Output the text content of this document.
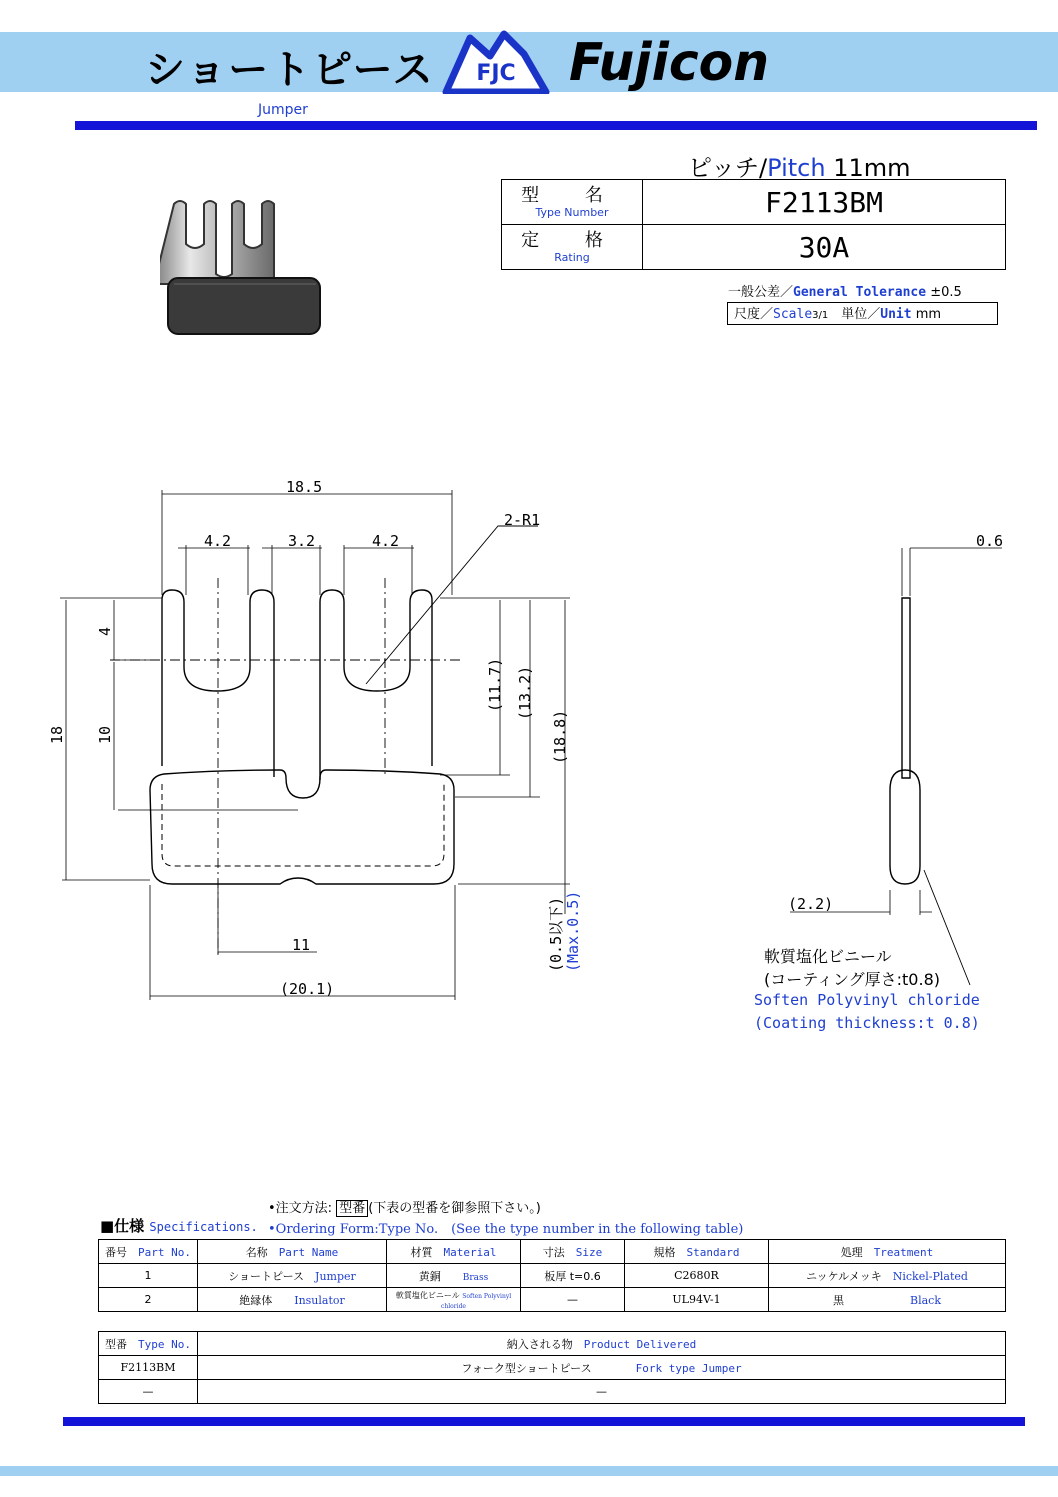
ショートピース FJC Fujicon
Jumper
ピッチ/Pitch 11mm
型 名
Type Number	F2113BM

定 格
Rating	30A
一般公差／General Tolerance ±0.5
尺度／Scale3/1　単位／Unit mm
18.5
4.2	3.2	4.2
2-R1
11
(20.1)
0.6
(2.2)
4
10
18
(11.7) (13.2)
(18.8)
(0.5以下) (Max.0.5)	軟質塩化ビニール
(コーティング厚さ:t0.8)
Soften Polyvinyl chloride
(Coating thickness:t 0.8)
•注文方法: 型番 (下表の型番を御参照下さい。)
•Ordering Form:Type No.　(See the type number in the following table)
■仕様 Specifications.
番号　 Part No.	名称　 Part Name	材質　 Material	寸法　 Size	規格　 Standard	処理　 Treatment
1	ショートピース　 Jumper	黄銅　　 Brass	板厚 t=0.6	C2680R	ニッケルメッキ　 Nickel-Plated
2	絶縁体　　 Insulator	軟質塩化ビニール Soften Polyvinyl chloride	—	UL94V-1	黒　　　　　　 Black
型番　 Type No.	納入される物　 Product Delivered
F2113BM	フォーク型ショートピース　　　　 Fork type Jumper
—	—
